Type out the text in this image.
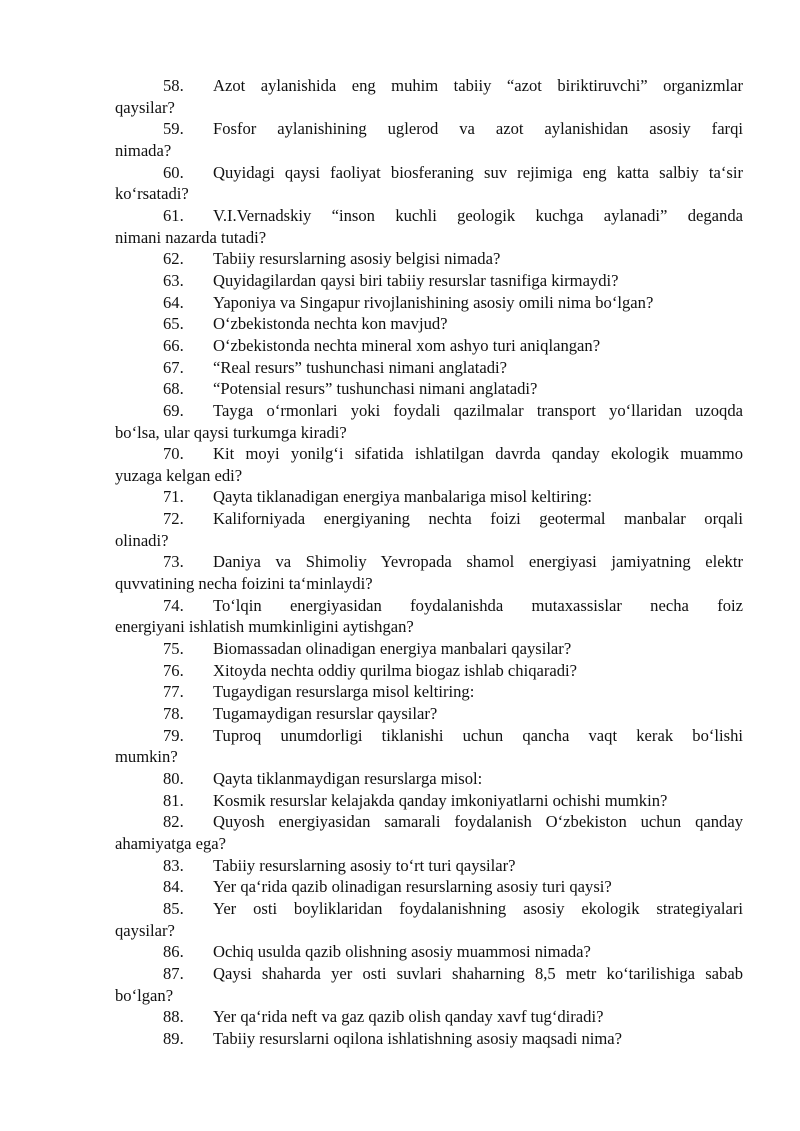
58.	Azot aylanishida eng muhim tabiiy “azot biriktiruvchi” organizmlar
qaysilar?
59.	Fosfor aylanishining uglerod va azot aylanishidan asosiy farqi
nimada?
60.	Quyidagi qaysi faoliyat biosferaning suv rejimiga eng katta salbiy ta‘sir
ko‘rsatadi?
61.	V.I.Vernadskiy “inson kuchli geologik kuchga aylanadi” deganda
nimani nazarda tutadi?
62.	Tabiiy resurslarning asosiy belgisi nimada?
63.	Quyidagilardan qaysi biri tabiiy resurslar tasnifiga kirmaydi?
64.	Yaponiya va Singapur rivojlanishining asosiy omili nima bo‘lgan?
65.	O‘zbekistonda nechta kon mavjud?
66.	O‘zbekistonda nechta mineral xom ashyo turi aniqlangan?
67.	“Real resurs” tushunchasi nimani anglatadi?
68.	“Potensial resurs” tushunchasi nimani anglatadi?
69.	Tayga o‘rmonlari yoki foydali qazilmalar transport yo‘llaridan uzoqda
bo‘lsa, ular qaysi turkumga kiradi?
70.	Kit moyi yonilg‘i sifatida ishlatilgan davrda qanday ekologik muammo
yuzaga kelgan edi?
71.	Qayta tiklanadigan energiya manbalariga misol keltiring:
72.	Kaliforniyada energiyaning nechta foizi geotermal manbalar orqali
olinadi?
73.	Daniya va Shimoliy Yevropada shamol energiyasi jamiyatning elektr
quvvatining necha foizini ta‘minlaydi?
74.	To‘lqin energiyasidan foydalanishda mutaxassislar necha foiz
energiyani ishlatish mumkinligini aytishgan?
75.	Biomassadan olinadigan energiya manbalari qaysilar?
76.	Xitoyda nechta oddiy qurilma biogaz ishlab chiqaradi?
77.	Tugaydigan resurslarga misol keltiring:
78.	Tugamaydigan resurslar qaysilar?
79.	Tuproq unumdorligi tiklanishi uchun qancha vaqt kerak bo‘lishi
mumkin?
80.	Qayta tiklanmaydigan resurslarga misol:
81.	Kosmik resurslar kelajakda qanday imkoniyatlarni ochishi mumkin?
82.	Quyosh energiyasidan samarali foydalanish O‘zbekiston uchun qanday
ahamiyatga ega?
83.	Tabiiy resurslarning asosiy to‘rt turi qaysilar?
84.	Yer qa‘rida qazib olinadigan resurslarning asosiy turi qaysi?
85.	Yer osti boyliklaridan foydalanishning asosiy ekologik strategiyalari
qaysilar?
86.	Ochiq usulda qazib olishning asosiy muammosi nimada?
87.	Qaysi shaharda yer osti suvlari shaharning 8,5 metr ko‘tarilishiga sabab
bo‘lgan?
88.	Yer qa‘rida neft va gaz qazib olish qanday xavf tug‘diradi?
89.	Tabiiy resurslarni oqilona ishlatishning asosiy maqsadi nima?
